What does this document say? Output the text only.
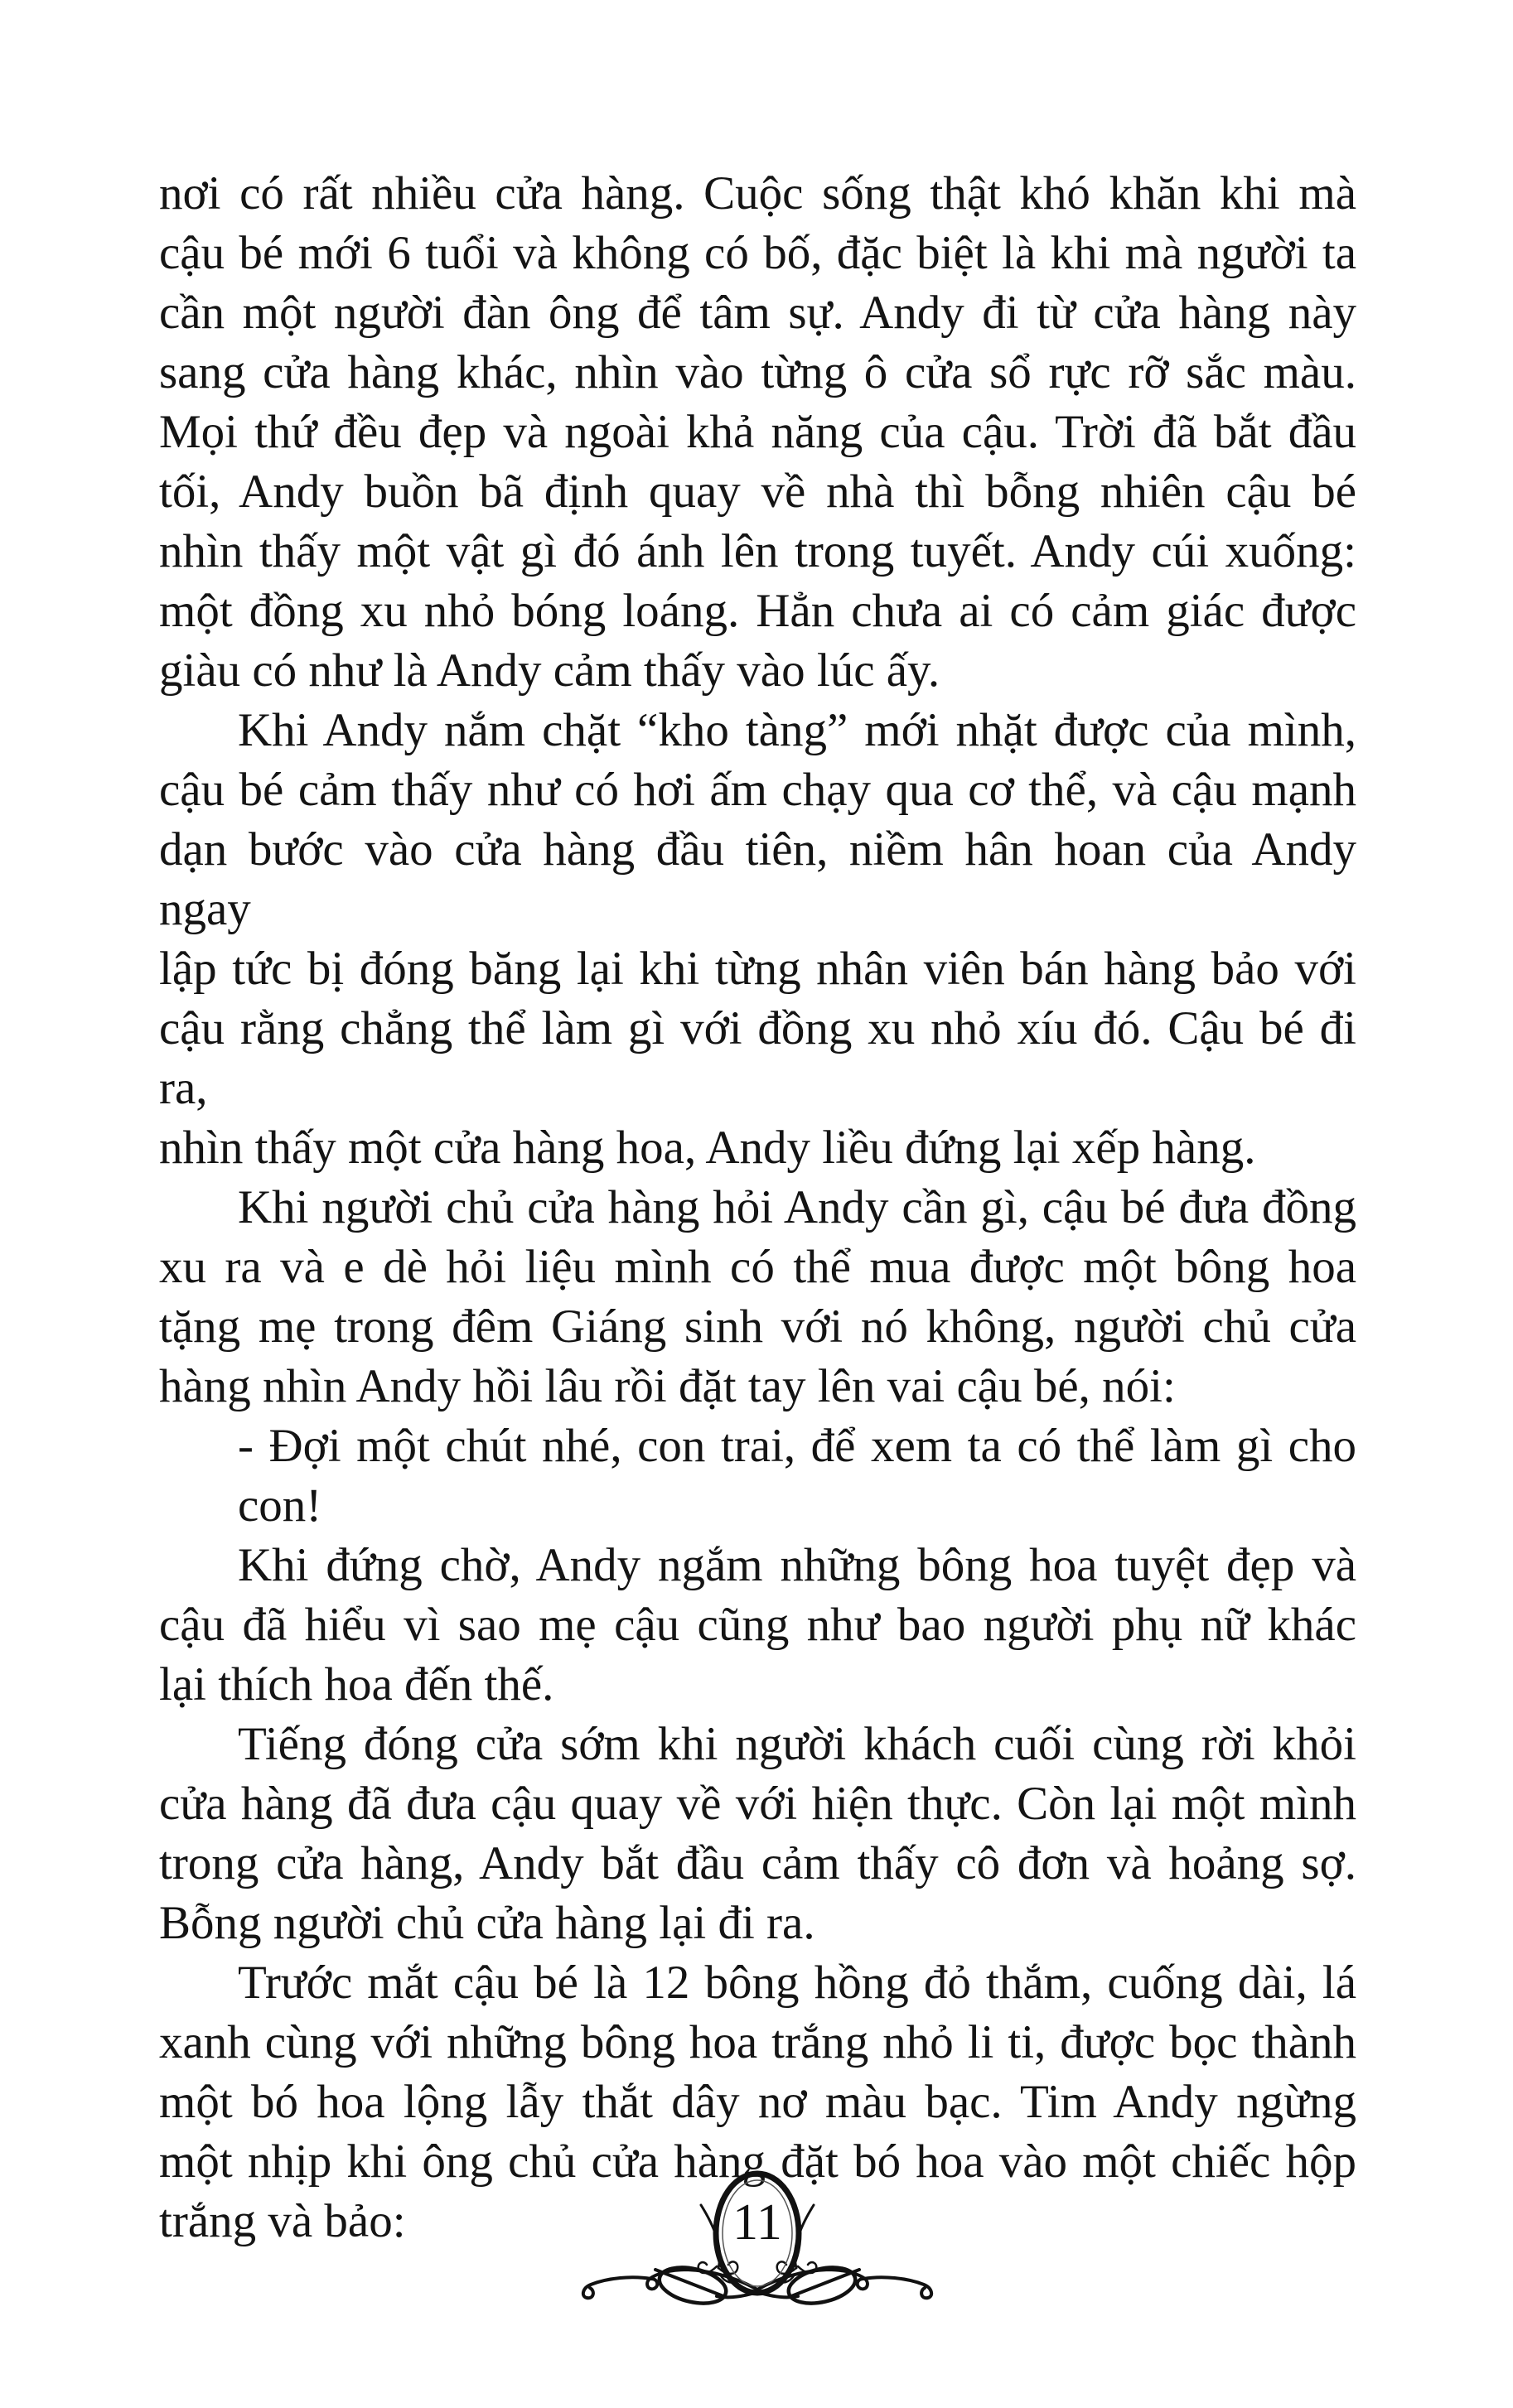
nơi có rất nhiều cửa hàng. Cuộc sống thật khó khăn khi mà
cậu bé mới 6 tuổi và không có bố, đặc biệt là khi mà người ta
cần một người đàn ông để tâm sự. Andy đi từ cửa hàng này
sang cửa hàng khác, nhìn vào từng ô cửa sổ rực rỡ sắc màu.
Mọi thứ đều đẹp và ngoài khả năng của cậu. Trời đã bắt đầu
tối, Andy buồn bã định quay về nhà thì bỗng nhiên cậu bé
nhìn thấy một vật gì đó ánh lên trong tuyết. Andy cúi xuống:
một đồng xu nhỏ bóng loáng. Hẳn chưa ai có cảm giác được
giàu có như là Andy cảm thấy vào lúc ấy.
Khi Andy nắm chặt “kho tàng” mới nhặt được của mình,
cậu bé cảm thấy như có hơi ấm chạy qua cơ thể, và cậu mạnh
dạn bước vào cửa hàng đầu tiên, niềm hân hoan của Andy ngay
lập tức bị đóng băng lại khi từng nhân viên bán hàng bảo với
cậu rằng chẳng thể làm gì với đồng xu nhỏ xíu đó. Cậu bé đi ra,
nhìn thấy một cửa hàng hoa, Andy liều đứng lại xếp hàng.
Khi người chủ cửa hàng hỏi Andy cần gì, cậu bé đưa đồng
xu ra và e dè hỏi liệu mình có thể mua được một bông hoa
tặng mẹ trong đêm Giáng sinh với nó không, người chủ cửa
hàng nhìn Andy hồi lâu rồi đặt tay lên vai cậu bé, nói:
- Đợi một chút nhé, con trai, để xem ta có thể làm gì cho con!
Khi đứng chờ, Andy ngắm những bông hoa tuyệt đẹp và
cậu đã hiểu vì sao mẹ cậu cũng như bao người phụ nữ khác
lại thích hoa đến thế.
Tiếng đóng cửa sớm khi người khách cuối cùng rời khỏi
cửa hàng đã đưa cậu quay về với hiện thực. Còn lại một mình
trong cửa hàng, Andy bắt đầu cảm thấy cô đơn và hoảng sợ.
Bỗng người chủ cửa hàng lại đi ra.
Trước mắt cậu bé là 12 bông hồng đỏ thắm, cuống dài, lá
xanh cùng với những bông hoa trắng nhỏ li ti, được bọc thành
một bó hoa lộng lẫy thắt dây nơ màu bạc. Tim Andy ngừng
một nhịp khi ông chủ cửa hàng đặt bó hoa vào một chiếc hộp
trắng và bảo:	11
